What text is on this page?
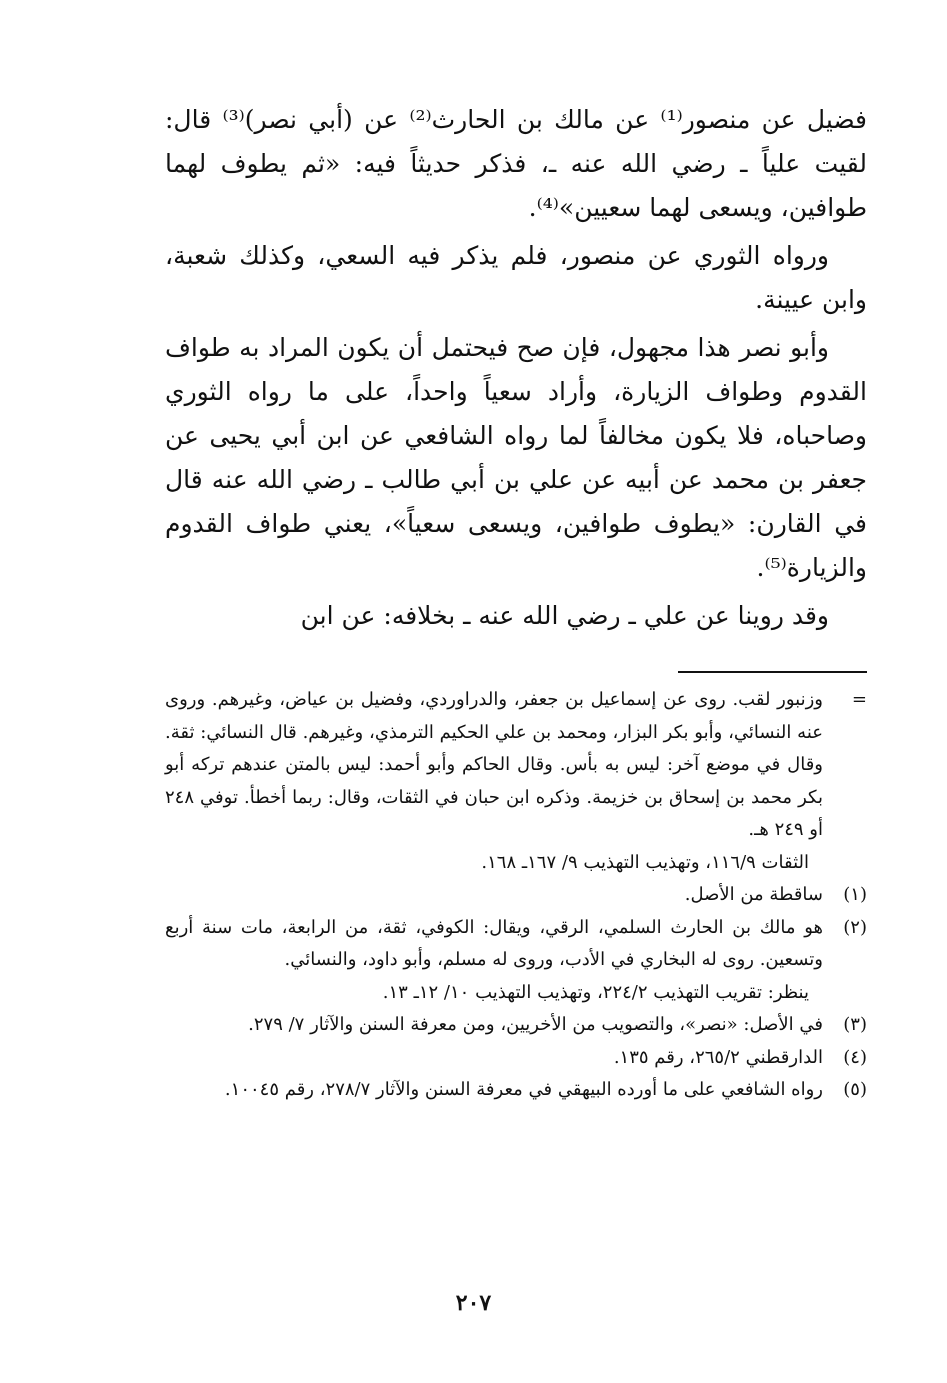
فضيل عن منصور⁽¹⁾ عن مالك بن الحارث⁽²⁾ عن (أبي نصر)⁽³⁾ قال: لقيت علياً ـ رضي الله عنه ـ، فذكر حديثاً فيه: «ثم يطوف لهما طوافين، ويسعى لهما سعيين»⁽⁴⁾.

ورواه الثوري عن منصور، فلم يذكر فيه السعي، وكذلك شعبة، وابن عيينة.

وأبو نصر هذا مجهول، فإن صح فيحتمل أن يكون المراد به طواف القدوم وطواف الزيارة، وأراد سعياً واحداً، على ما رواه الثوري وصاحباه، فلا يكون مخالفاً لما رواه الشافعي عن ابن أبي يحيى عن جعفر بن محمد عن أبيه عن علي بن أبي طالب ـ رضي الله عنه قال في القارن: «يطوف طوافين، ويسعى سعياً»، يعني طواف القدوم والزيارة⁽⁵⁾.

وقد روينا عن علي ـ رضي الله عنه ـ بخلافه: عن ابن

=
وزنبور لقب. روى عن إسماعيل بن جعفر، والدراوردي، وفضيل بن عياض، وغيرهم. وروى عنه النسائي، وأبو بكر البزار، ومحمد بن علي الحكيم الترمذي، وغيرهم. قال النسائي: ثقة. وقال في موضع آخر: ليس به بأس. وقال الحاكم وأبو أحمد: ليس بالمتن عندهم تركه أبو بكر محمد بن إسحاق بن خزيمة. وذكره ابن حبان في الثقات، وقال: ربما أخطأ. توفي ٢٤٨ أو ٢٤٩ هـ.
الثقات ١١٦/٩، وتهذيب التهذيب ٩/ ١٦٧ـ ١٦٨.
(١)
ساقطة من الأصل.
(٢)
هو مالك بن الحارث السلمي، الرقي، ويقال: الكوفي، ثقة، من الرابعة، مات سنة أربع وتسعين. روى له البخاري في الأدب، وروى له مسلم، وأبو داود، والنسائي.
ينظر: تقريب التهذيب ٢٢٤/٢، وتهذيب التهذيب ١٠/ ١٢ـ ١٣.
(٣)
في الأصل: «نصر»، والتصويب من الأخريين، ومن معرفة السنن والآثار ٧/ ٢٧٩.
(٤)
الدارقطني ٢٦٥/٢، رقم ١٣٥.
(٥)
رواه الشافعي على ما أورده البيهقي في معرفة السنن والآثار ٢٧٨/٧، رقم ١٠٠٤٥.
٢٠٧
